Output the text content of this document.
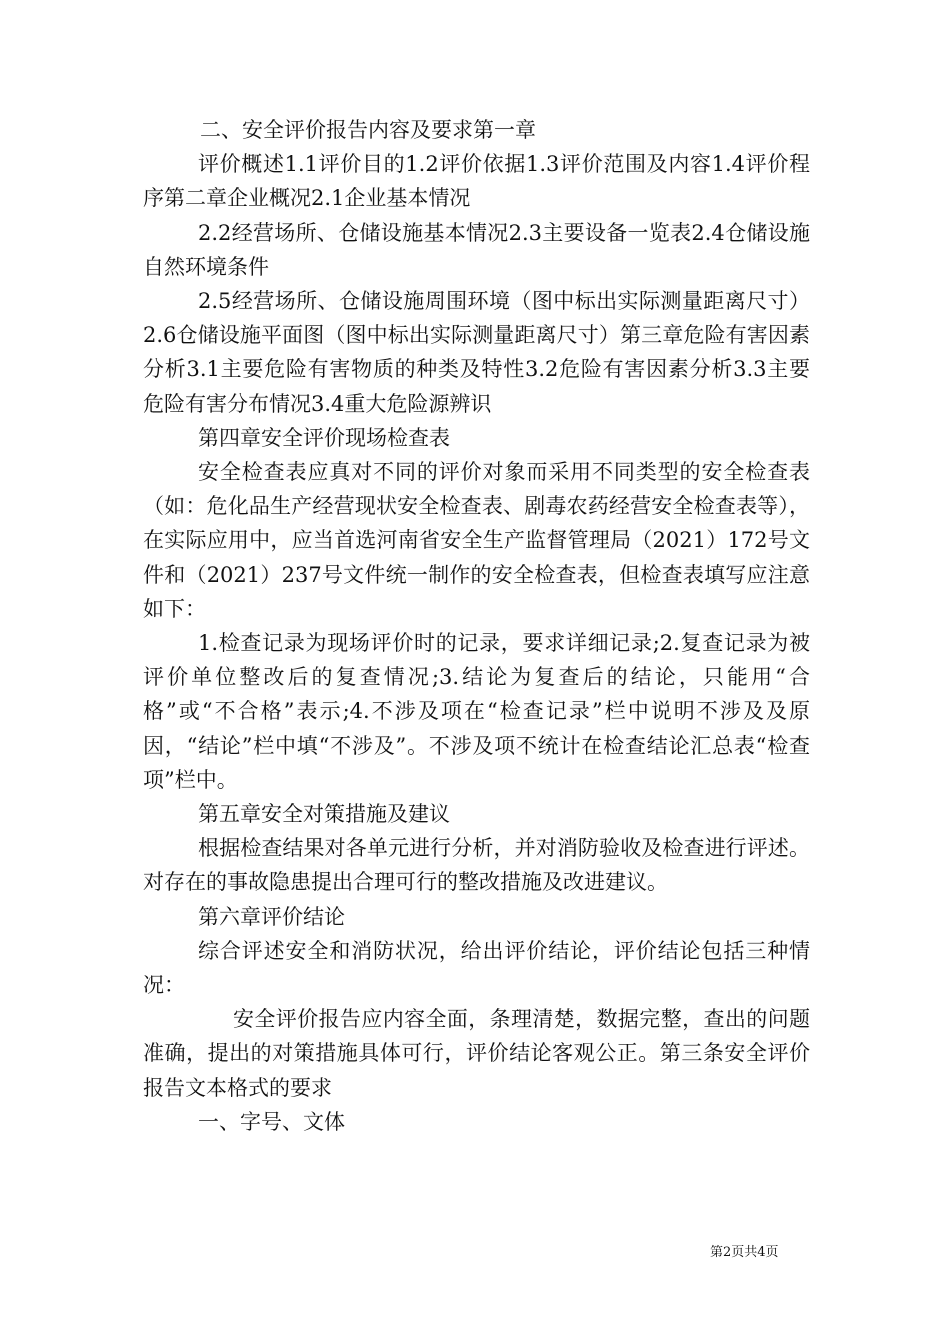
二、安全评价报告内容及要求第一章

评价概述1.1评价目的1.2评价依据1.3评价范围及内容1.4评价程序第二章企业概况2.1企业基本情况

2.2经营场所、仓储设施基本情况2.3主要设备一览表2.4仓储设施自然环境条件

2.5经营场所、仓储设施周围环境（图中标出实际测量距离尺寸）2.6仓储设施平面图（图中标出实际测量距离尺寸）第三章危险有害因素分析3.1主要危险有害物质的种类及特性3.2危险有害因素分析3.3主要危险有害分布情况3.4重大危险源辨识

第四章安全评价现场检查表

安全检查表应真对不同的评价对象而采用不同类型的安全检查表（如：危化品生产经营现状安全检查表、剧毒农药经营安全检查表等），在实际应用中，应当首选河南省安全生产监督管理局（2021）172号文件和（2021）237号文件统一制作的安全检查表，但检查表填写应注意如下：

1.检查记录为现场评价时的记录，要求详细记录;2.复查记录为被评价单位整改后的复查情况;3.结论为复查后的结论，只能用“合格”或“不合格”表示;4.不涉及项在“检查记录”栏中说明不涉及及原因，“结论”栏中填“不涉及”。不涉及项不统计在检查结论汇总表“检查项”栏中。

第五章安全对策措施及建议

根据检查结果对各单元进行分析，并对消防验收及检查进行评述。对存在的事故隐患提出合理可行的整改措施及改进建议。

第六章评价结论

综合评述安全和消防状况，给出评价结论，评价结论包括三种情况：

安全评价报告应内容全面，条理清楚，数据完整，查出的问题准确，提出的对策措施具体可行，评价结论客观公正。第三条安全评价报告文本格式的要求

一、字号、文体

第2页共4页
